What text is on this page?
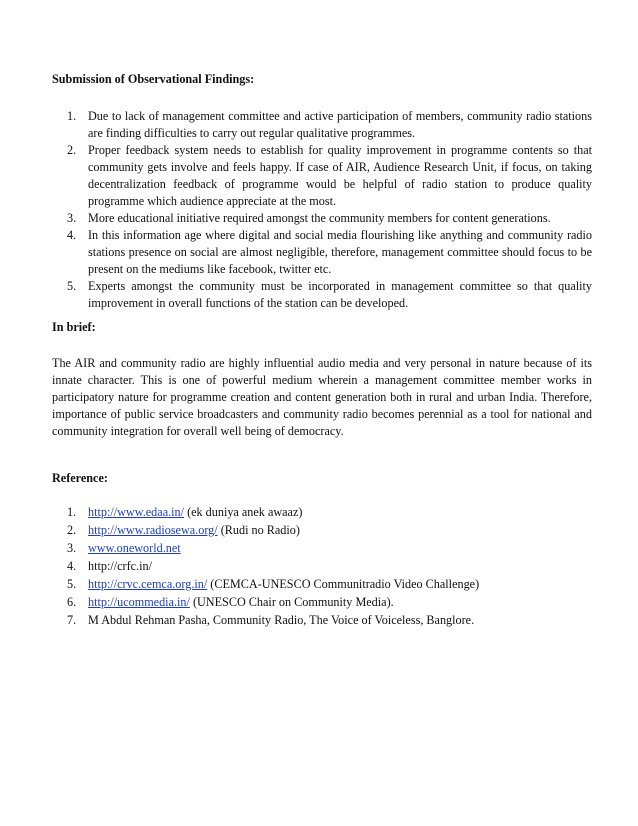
Submission of Observational Findings:

1. Due to lack of management committee and active participation of members, community radio stations are finding difficulties to carry out regular qualitative programmes.
2. Proper feedback system needs to establish for quality improvement in programme contents so that community gets involve and feels happy. If case of AIR, Audience Research Unit, if focus, on taking decentralization feedback of programme would be helpful of radio station to produce quality programme which audience appreciate at the most.
3. More educational initiative required amongst the community members for content generations.
4. In this information age where digital and social media flourishing like anything and community radio stations presence on social are almost negligible, therefore, management committee should focus to be present on the mediums like facebook, twitter etc.
5. Experts amongst the community must be incorporated in management committee so that quality improvement in overall functions of the station can be developed.

In brief:

The AIR and community radio are highly influential audio media and very personal in nature because of its innate character. This is one of powerful medium wherein a management committee member works in participatory nature for programme creation and content generation both in rural and urban India. Therefore, importance of public service broadcasters and community radio becomes perennial as a tool for national and community integration for overall well being of democracy.

Reference:

1. http://www.edaa.in/ (ek duniya anek awaaz)
2. http://www.radiosewa.org/ (Rudi no Radio)
3. www.oneworld.net
4. http://crfc.in/
5. http://crvc.cemca.org.in/ (CEMCA-UNESCO Communitradio Video Challenge)
6. http://ucommedia.in/ (UNESCO Chair on Community Media).
7. M Abdul Rehman Pasha, Community Radio, The Voice of Voiceless, Banglore.
